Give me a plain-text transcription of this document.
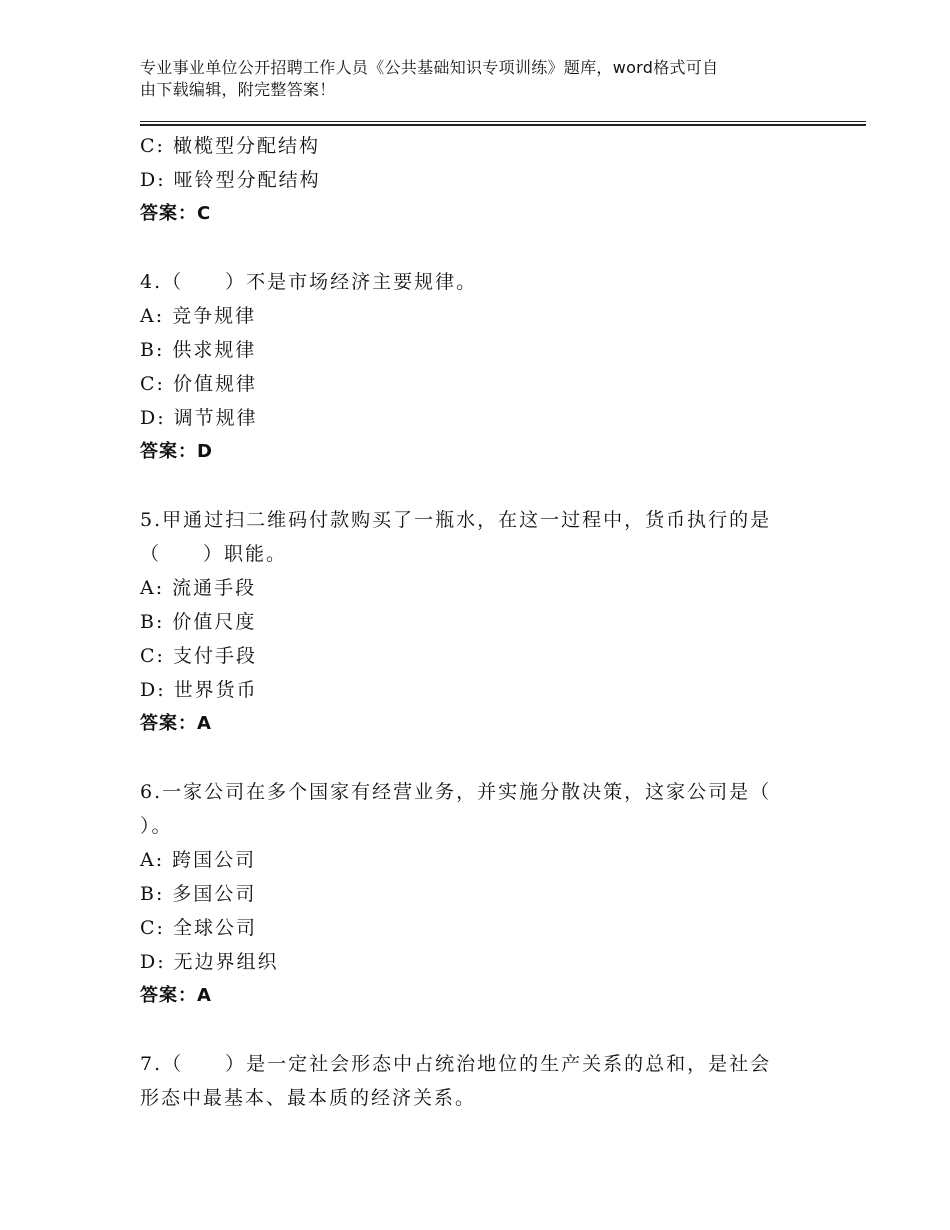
专业事业单位公开招聘工作人员《公共基础知识专项训练》题库，word格式可自
由下载编辑，附完整答案！
C: 橄榄型分配结构
D: 哑铃型分配结构
答案：C
4.（　　）不是市场经济主要规律。
A: 竞争规律
B: 供求规律
C: 价值规律
D: 调节规律
答案：D
5.甲通过扫二维码付款购买了一瓶水，在这一过程中，货币执行的是
（　　）职能。
A: 流通手段
B: 价值尺度
C: 支付手段
D: 世界货币
答案：A
6.一家公司在多个国家有经营业务，并实施分散决策，这家公司是（
）。
A: 跨国公司
B: 多国公司
C: 全球公司
D: 无边界组织
答案：A
7.（　　）是一定社会形态中占统治地位的生产关系的总和，是社会
形态中最基本、最本质的经济关系。
